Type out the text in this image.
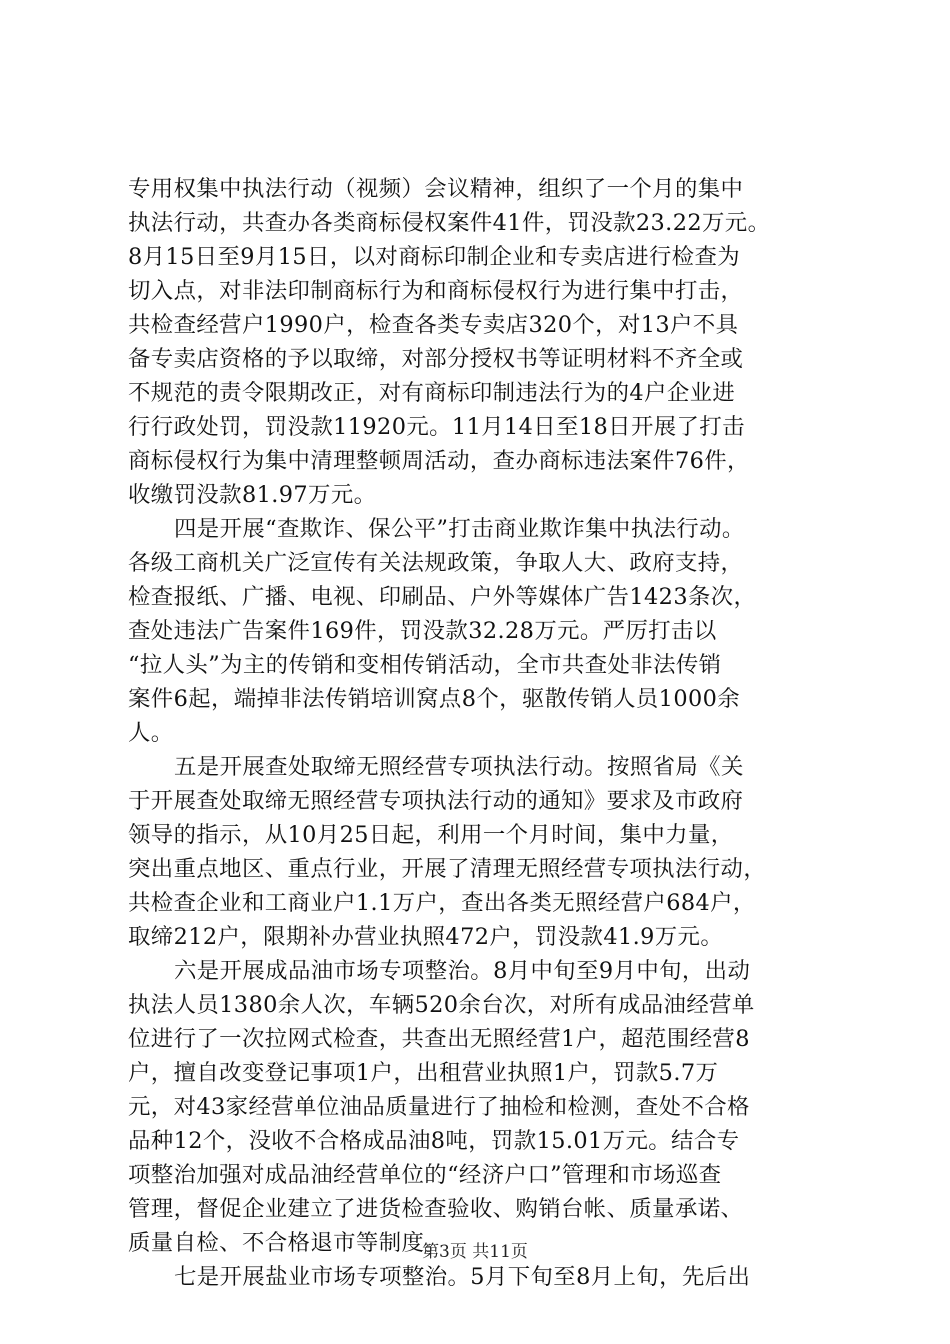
专用权集中执法行动（视频）会议精神，组织了一个月的集中
执法行动，共查办各类商标侵权案件41件，罚没款23.22万元。
8月15日至9月15日，以对商标印制企业和专卖店进行检查为
切入点，对非法印制商标行为和商标侵权行为进行集中打击，
共检查经营户1990户，检查各类专卖店320个，对13户不具
备专卖店资格的予以取缔，对部分授权书等证明材料不齐全或
不规范的责令限期改正，对有商标印制违法行为的4户企业进
行行政处罚，罚没款11920元。11月14日至18日开展了打击
商标侵权行为集中清理整顿周活动，查办商标违法案件76件，
收缴罚没款81.97万元。
四是开展“查欺诈、保公平”打击商业欺诈集中执法行动。
各级工商机关广泛宣传有关法规政策，争取人大、政府支持，
检查报纸、广播、电视、印刷品、户外等媒体广告1423条次，
查处违法广告案件169件，罚没款32.28万元。严厉打击以
“拉人头”为主的传销和变相传销活动，全市共查处非法传销
案件6起，端掉非法传销培训窝点8个，驱散传销人员1000余
人。
五是开展查处取缔无照经营专项执法行动。按照省局《关
于开展查处取缔无照经营专项执法行动的通知》要求及市政府
领导的指示，从10月25日起，利用一个月时间，集中力量，
突出重点地区、重点行业，开展了清理无照经营专项执法行动，
共检查企业和工商业户1.1万户，查出各类无照经营户684户，
取缔212户，限期补办营业执照472户，罚没款41.9万元。
六是开展成品油市场专项整治。8月中旬至9月中旬，出动
执法人员1380余人次，车辆520余台次，对所有成品油经营单
位进行了一次拉网式检查，共查出无照经营1户，超范围经营8
户，擅自改变登记事项1户，出租营业执照1户，罚款5.7万
元，对43家经营单位油品质量进行了抽检和检测，查处不合格
品种12个，没收不合格成品油8吨，罚款15.01万元。结合专
项整治加强对成品油经营单位的“经济户口”管理和市场巡查
管理，督促企业建立了进货检查验收、购销台帐、质量承诺、
质量自检、不合格退市等制度。
七是开展盐业市场专项整治。5月下旬至8月上旬，先后出
第3页 共11页
